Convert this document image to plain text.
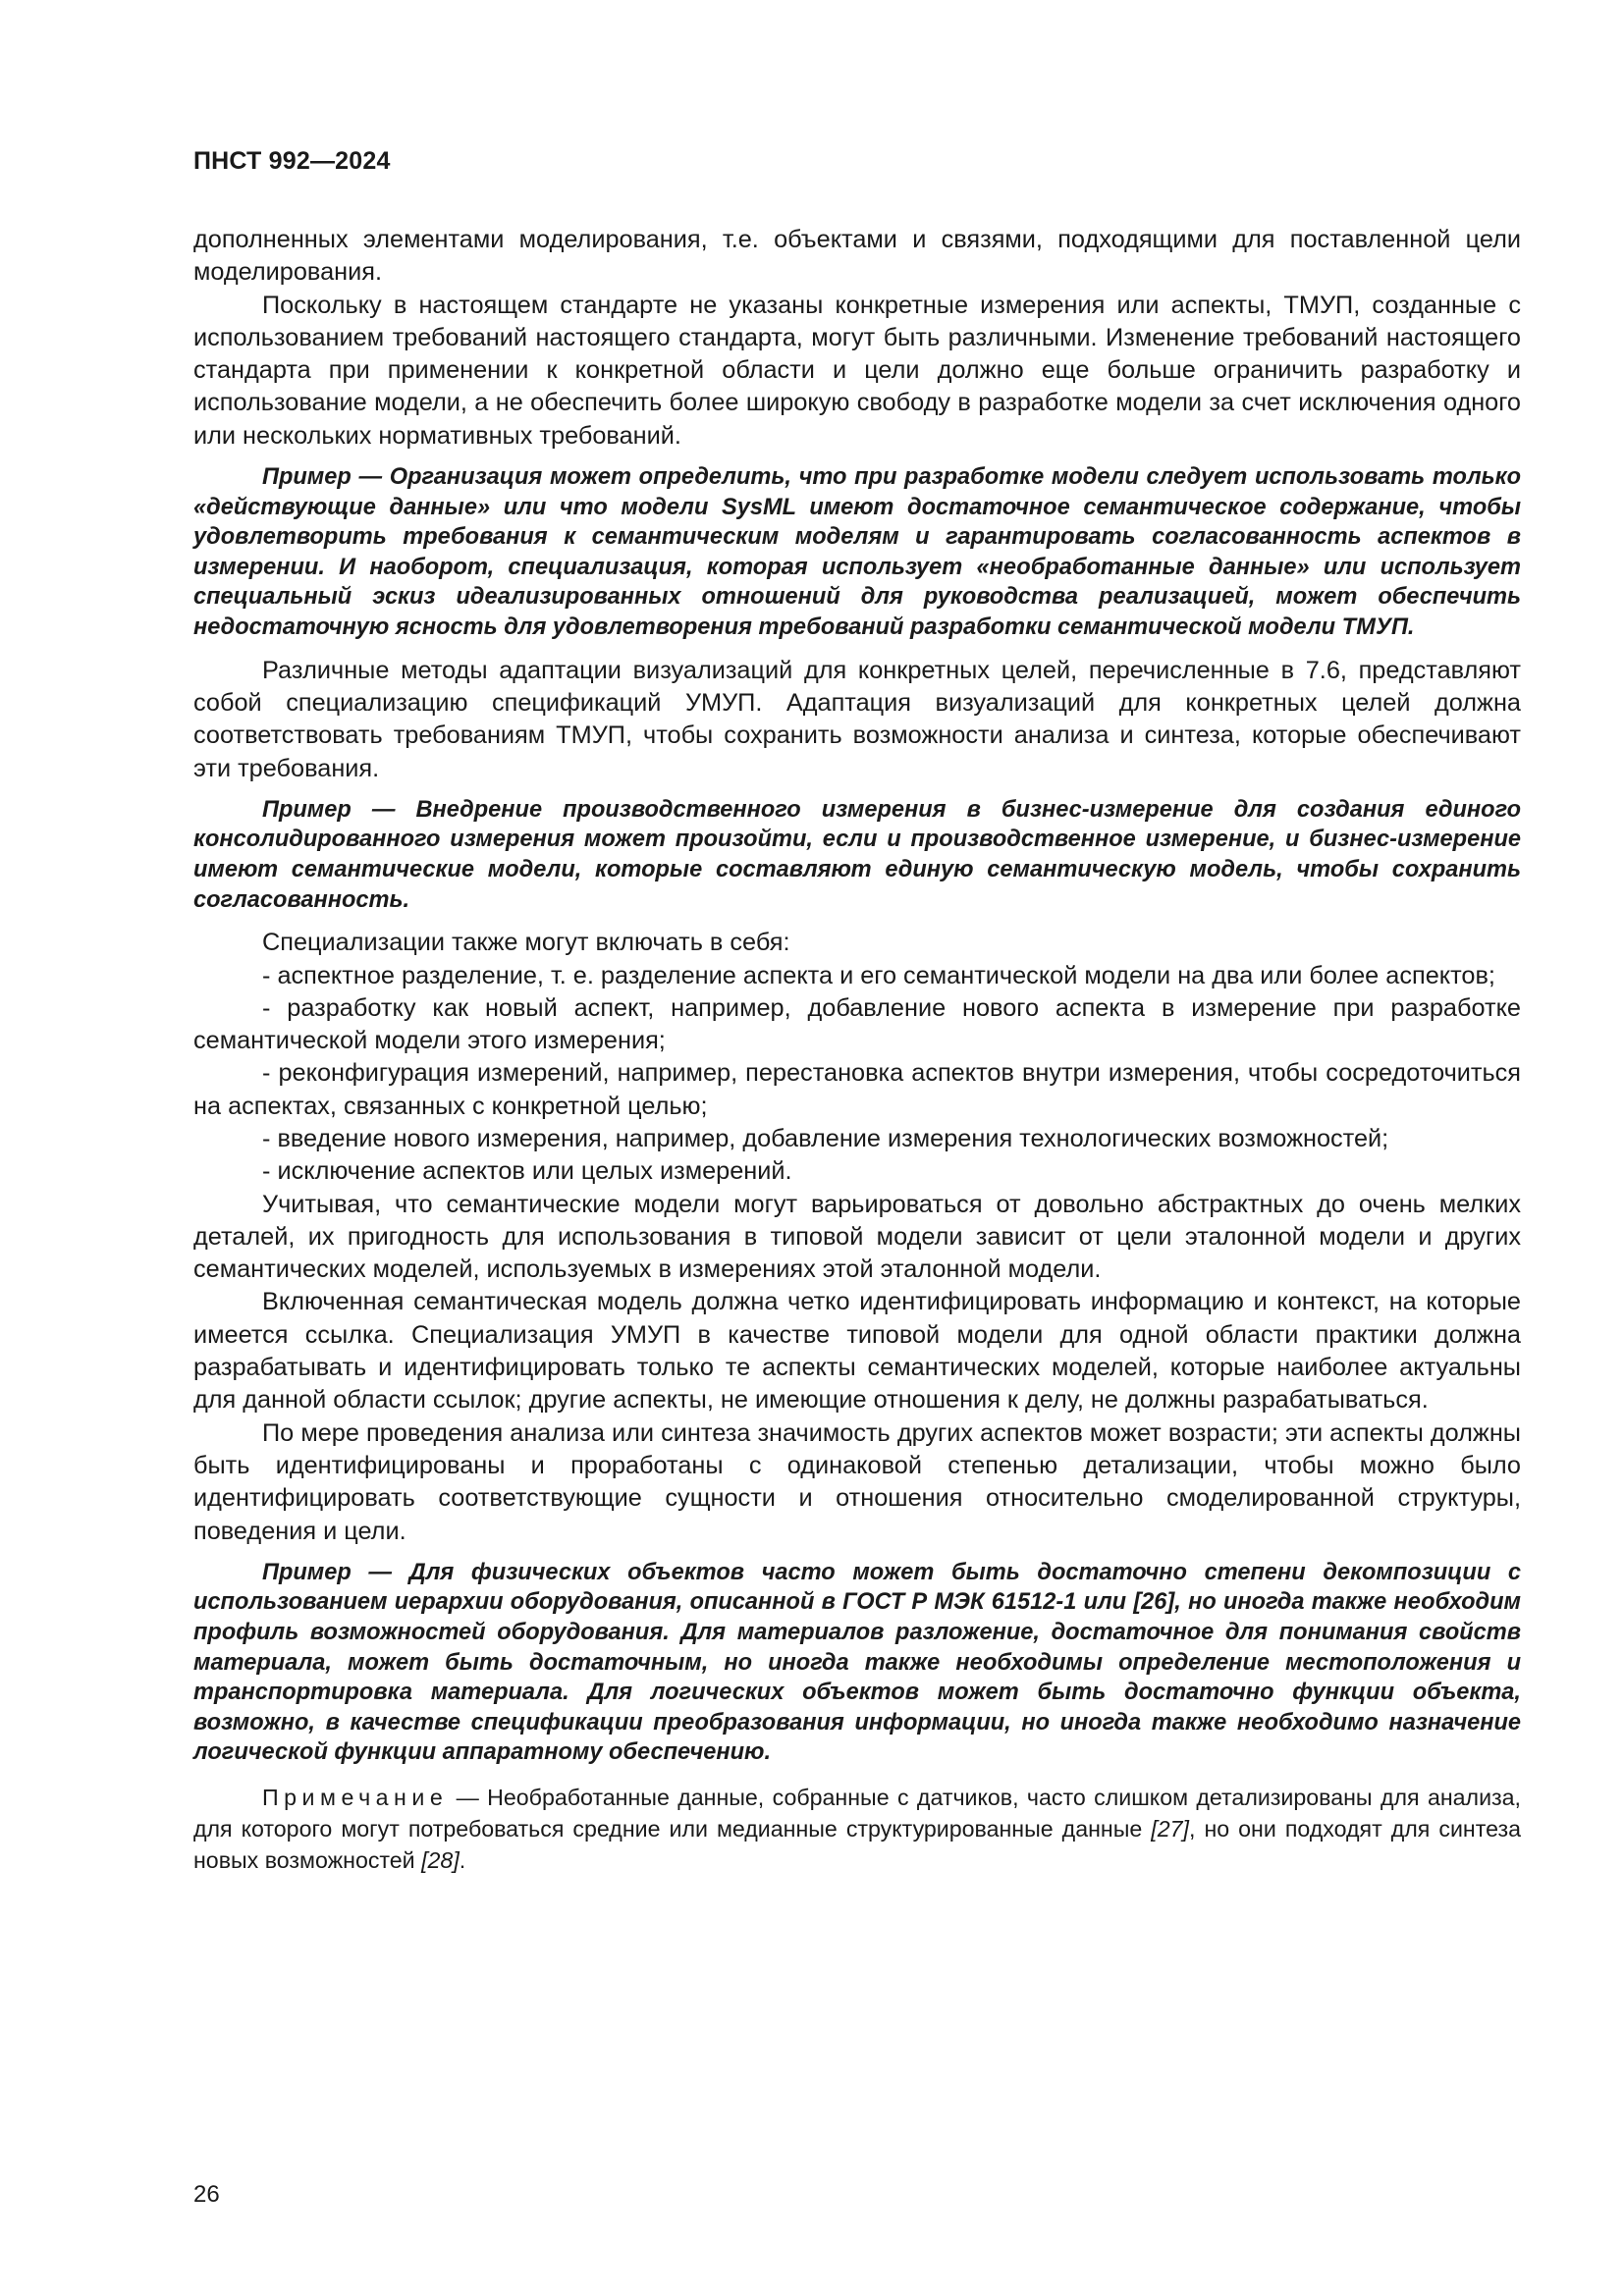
ПНСТ 992—2024

дополненных элементами моделирования, т.е. объектами и связями, подходящими для поставленной цели моделирования.

Поскольку в настоящем стандарте не указаны конкретные измерения или аспекты, ТМУП, созданные с использованием требований настоящего стандарта, могут быть различными. Изменение требований настоящего стандарта при применении к конкретной области и цели должно еще больше ограничить разработку и использование модели, а не обеспечить более широкую свободу в разработке модели за счет исключения одного или нескольких нормативных требований.

Пример — Организация может определить, что при разработке модели следует использовать только «действующие данные» или что модели SysML имеют достаточное семантическое содержание, чтобы удовлетворить требования к семантическим моделям и гарантировать согласованность аспектов в измерении. И наоборот, специализация, которая использует «необработанные данные» или использует специальный эскиз идеализированных отношений для руководства реализацией, может обеспечить недостаточную ясность для удовлетворения требований разработки семантической модели ТМУП.

Различные методы адаптации визуализаций для конкретных целей, перечисленные в 7.6, представляют собой специализацию спецификаций УМУП. Адаптация визуализаций для конкретных целей должна соответствовать требованиям ТМУП, чтобы сохранить возможности анализа и синтеза, которые обеспечивают эти требования.

Пример — Внедрение производственного измерения в бизнес-измерение для создания единого консолидированного измерения может произойти, если и производственное измерение, и бизнес-измерение имеют семантические модели, которые составляют единую семантическую модель, чтобы сохранить согласованность.

Специализации также могут включать в себя:

- аспектное разделение, т. е. разделение аспекта и его семантической модели на два или более аспектов;

- разработку как новый аспект, например, добавление нового аспекта в измерение при разработке семантической модели этого измерения;

- реконфигурация измерений, например, перестановка аспектов внутри измерения, чтобы сосредоточиться на аспектах, связанных с конкретной целью;

- введение нового измерения, например, добавление измерения технологических возможностей;

- исключение аспектов или целых измерений.

Учитывая, что семантические модели могут варьироваться от довольно абстрактных до очень мелких деталей, их пригодность для использования в типовой модели зависит от цели эталонной модели и других семантических моделей, используемых в измерениях этой эталонной модели.

Включенная семантическая модель должна четко идентифицировать информацию и контекст, на которые имеется ссылка. Специализация УМУП в качестве типовой модели для одной области практики должна разрабатывать и идентифицировать только те аспекты семантических моделей, которые наиболее актуальны для данной области ссылок; другие аспекты, не имеющие отношения к делу, не должны разрабатываться.

По мере проведения анализа или синтеза значимость других аспектов может возрасти; эти аспекты должны быть идентифицированы и проработаны с одинаковой степенью детализации, чтобы можно было идентифицировать соответствующие сущности и отношения относительно смоделированной структуры, поведения и цели.

Пример — Для физических объектов часто может быть достаточно степени декомпозиции с использованием иерархии оборудования, описанной в ГОСТ Р МЭК 61512-1 или [26], но иногда также необходим профиль возможностей оборудования. Для материалов разложение, достаточное для понимания свойств материала, может быть достаточным, но иногда также необходимы определение местоположения и транспортировка материала. Для логических объектов может быть достаточно функции объекта, возможно, в качестве спецификации преобразования информации, но иногда также необходимо назначение логической функции аппаратному обеспечению.

Примечание — Необработанные данные, собранные с датчиков, часто слишком детализированы для анализа, для которого могут потребоваться средние или медианные структурированные данные [27], но они подходят для синтеза новых возможностей [28].

26
